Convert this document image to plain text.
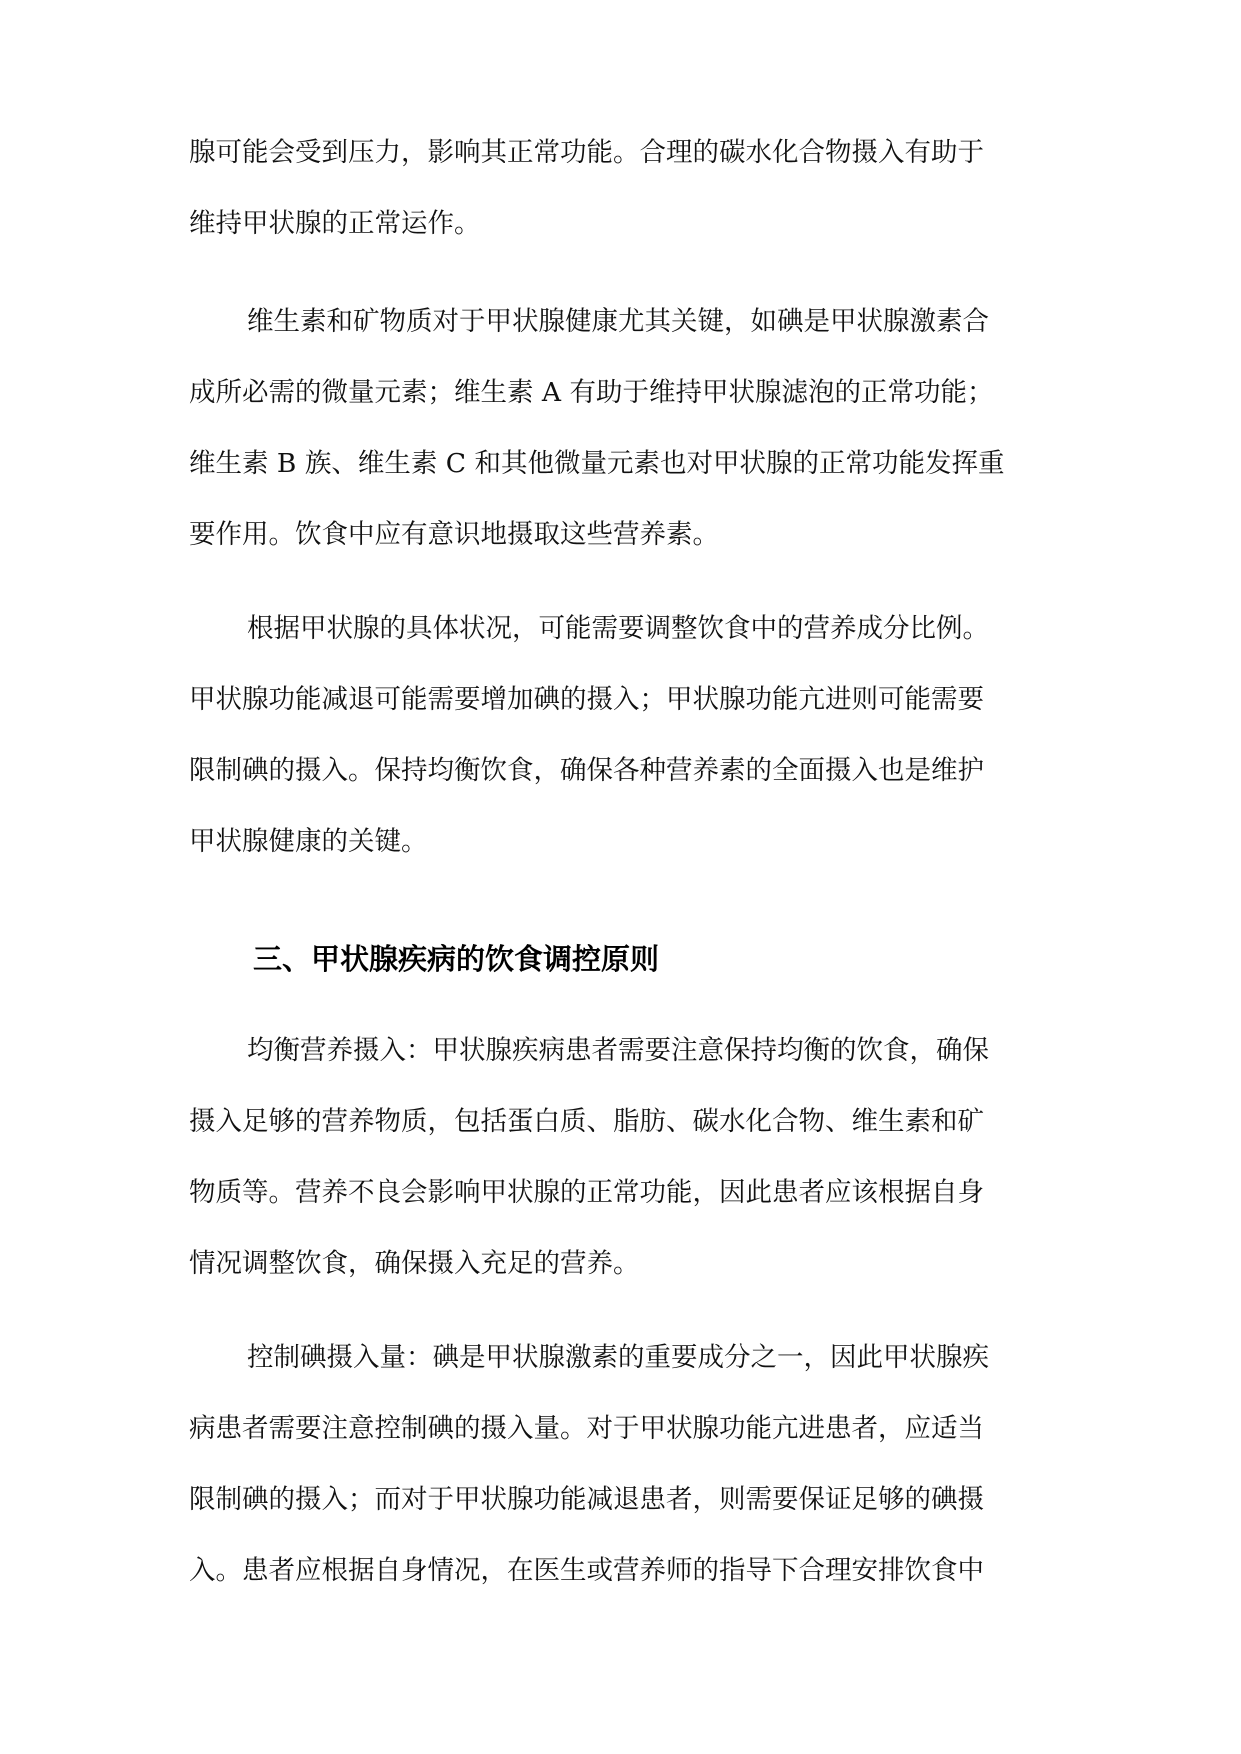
腺可能会受到压力，影响其正常功能。合理的碳水化合物摄入有助于

维持甲状腺的正常运作。

维生素和矿物质对于甲状腺健康尤其关键，如碘是甲状腺激素合

成所必需的微量元素；维生素 A 有助于维持甲状腺滤泡的正常功能；

维生素 B 族、维生素 C 和其他微量元素也对甲状腺的正常功能发挥重

要作用。饮食中应有意识地摄取这些营养素。

根据甲状腺的具体状况，可能需要调整饮食中的营养成分比例。

甲状腺功能减退可能需要增加碘的摄入；甲状腺功能亢进则可能需要

限制碘的摄入。保持均衡饮食，确保各种营养素的全面摄入也是维护

甲状腺健康的关键。

三、甲状腺疾病的饮食调控原则

均衡营养摄入：甲状腺疾病患者需要注意保持均衡的饮食，确保

摄入足够的营养物质，包括蛋白质、脂肪、碳水化合物、维生素和矿

物质等。营养不良会影响甲状腺的正常功能，因此患者应该根据自身

情况调整饮食，确保摄入充足的营养。

控制碘摄入量：碘是甲状腺激素的重要成分之一，因此甲状腺疾

病患者需要注意控制碘的摄入量。对于甲状腺功能亢进患者，应适当

限制碘的摄入；而对于甲状腺功能减退患者，则需要保证足够的碘摄

入。患者应根据自身情况，在医生或营养师的指导下合理安排饮食中
